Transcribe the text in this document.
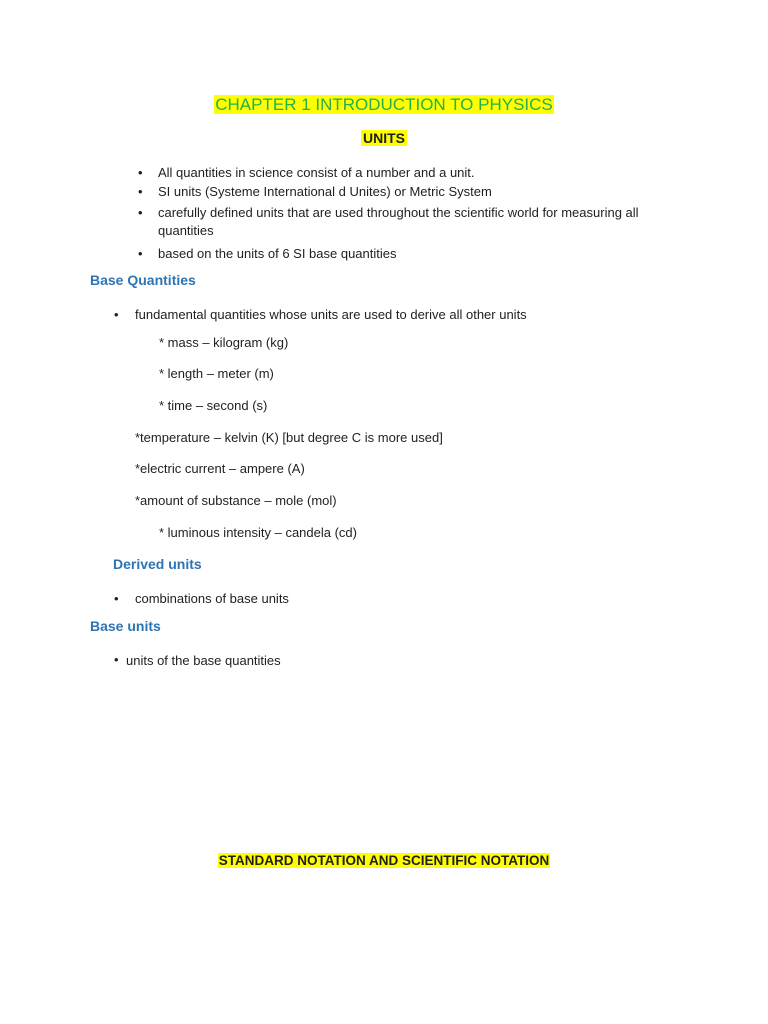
CHAPTER 1 INTRODUCTION TO PHYSICS
UNITS
• All quantities in science consist of a number and a unit.
• SI units (Systeme International d Unites) or Metric System
• carefully defined units that are used throughout the scientific world for measuring all quantities
• based on the units of 6 SI base quantities
Base Quantities
• fundamental quantities whose units are used to derive all other units
* mass – kilogram (kg)
* length – meter (m)
* time – second (s)
*temperature – kelvin (K) [but degree C is more used]
*electric current – ampere (A)
*amount of substance – mole (mol)
* luminous intensity – candela (cd)
Derived units
• combinations of base units
Base units
• units of the base quantities
STANDARD NOTATION AND SCIENTIFIC NOTATION
